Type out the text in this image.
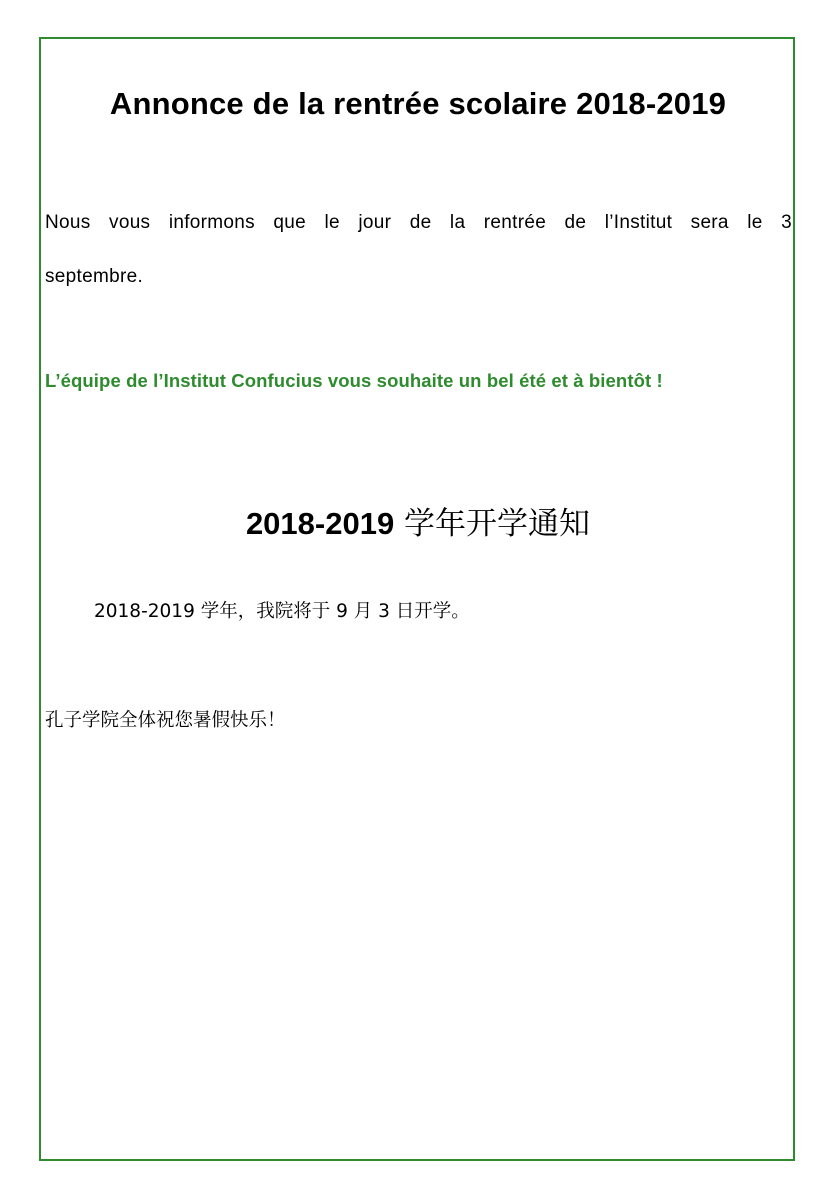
Annonce de la rentrée scolaire 2018-2019
Nous vous informons que le jour de la rentrée de l’Institut sera le 3 septembre.
L’équipe de l’Institut Confucius vous souhaite un bel été et à bientôt !
2018-2019 学年开学通知
2018-2019 学年，我院将于 9 月 3 日开学。
孔子学院全体祝您暑假快乐！
